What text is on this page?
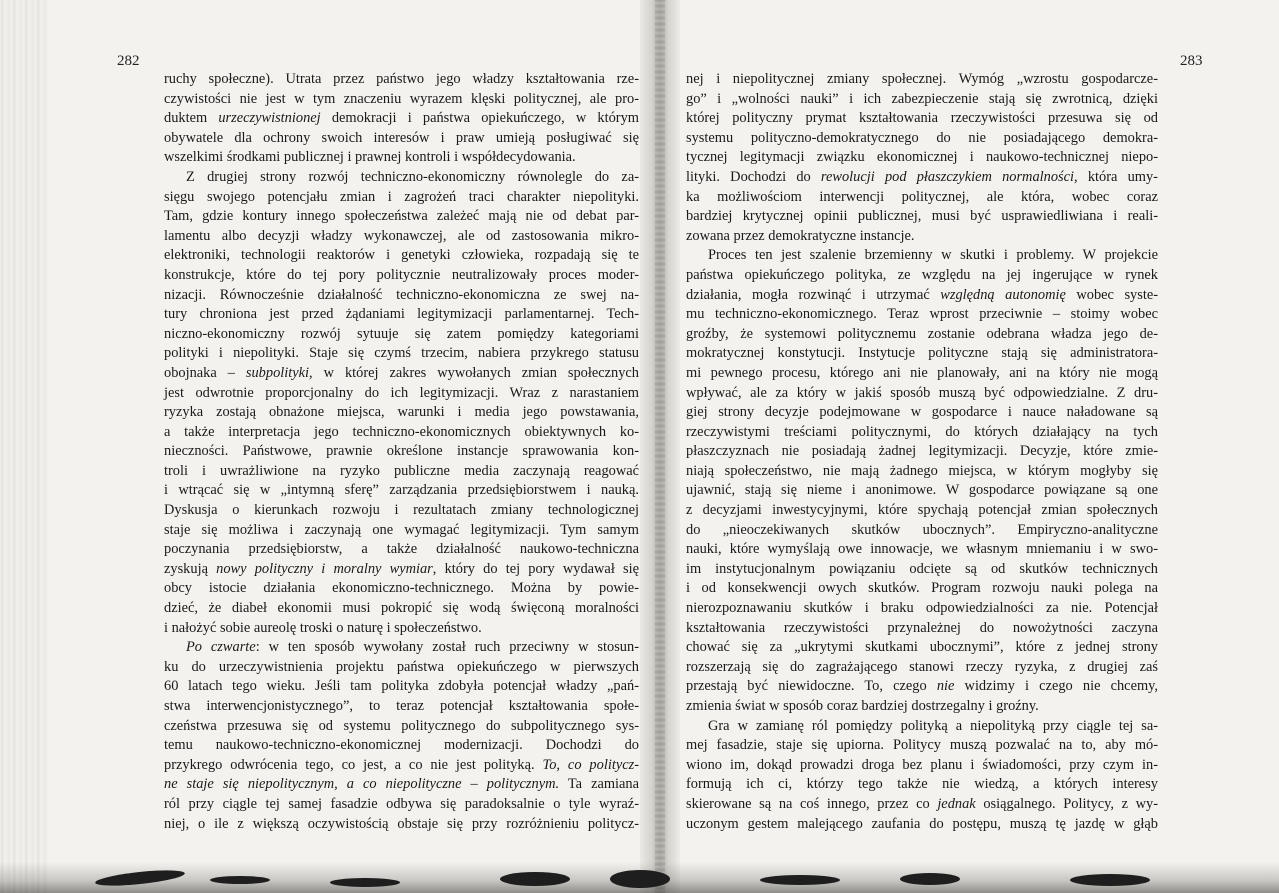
282	283
ruchy społeczne). Utrata przez państwo jego władzy kształtowania rze-
czywistości nie jest w tym znaczeniu wyrazem klęski politycznej, ale pro-
duktem urzeczywistnionej demokracji i państwa opiekuńczego, w którym
obywatele dla ochrony swoich interesów i praw umieją posługiwać się
wszelkimi środkami publicznej i prawnej kontroli i współdecydowania.
Z drugiej strony rozwój techniczno-ekonomiczny równolegle do za-
sięgu swojego potencjału zmian i zagrożeń traci charakter niepolityki.
Tam, gdzie kontury innego społeczeństwa zależeć mają nie od debat par-
lamentu albo decyzji władzy wykonawczej, ale od zastosowania mikro-
elektroniki, technologii reaktorów i genetyki człowieka, rozpadają się te
konstrukcje, które do tej pory politycznie neutralizowały proces moder-
nizacji. Równocześnie działalność techniczno-ekonomiczna ze swej na-
tury chroniona jest przed żądaniami legitymizacji parlamentarnej. Tech-
niczno-ekonomiczny rozwój sytuuje się zatem pomiędzy kategoriami
polityki i niepolityki. Staje się czymś trzecim, nabiera przykrego statusu
obojnaka – subpolityki, w której zakres wywołanych zmian społecznych
jest odwrotnie proporcjonalny do ich legitymizacji. Wraz z narastaniem
ryzyka zostają obnażone miejsca, warunki i media jego powstawania,
a także interpretacja jego techniczno-ekonomicznych obiektywnych ko-
nieczności. Państwowe, prawnie określone instancje sprawowania kon-
troli i uwrażliwione na ryzyko publiczne media zaczynają reagować
i wtrącać się w „intymną sferę” zarządzania przedsiębiorstwem i nauką.
Dyskusja o kierunkach rozwoju i rezultatach zmiany technologicznej
staje się możliwa i zaczynają one wymagać legitymizacji. Tym samym
poczynania przedsiębiorstw, a także działalność naukowo-techniczna
zyskują nowy polityczny i moralny wymiar, który do tej pory wydawał się
obcy istocie działania ekonomiczno-technicznego. Można by powie-
dzieć, że diabeł ekonomii musi pokropić się wodą święconą moralności
i nałożyć sobie aureolę troski o naturę i społeczeństwo.
Po czwarte: w ten sposób wywołany został ruch przeciwny w stosun-
ku do urzeczywistnienia projektu państwa opiekuńczego w pierwszych
60 latach tego wieku. Jeśli tam polityka zdobyła potencjał władzy „pań-
stwa interwencjonistycznego”, to teraz potencjał kształtowania społe-
czeństwa przesuwa się od systemu politycznego do subpolitycznego sys-
temu naukowo-techniczno-ekonomicznej modernizacji. Dochodzi do
przykrego odwrócenia tego, co jest, a co nie jest polityką. To, co politycz-
ne staje się niepolitycznym, a co niepolityczne – politycznym. Ta zamiana
ról przy ciągle tej samej fasadzie odbywa się paradoksalnie o tyle wyraź-
niej, o ile z większą oczywistością obstaje się przy rozróżnieniu politycz-
nej i niepolitycznej zmiany społecznej. Wymóg „wzrostu gospodarcze-
go” i „wolności nauki” i ich zabezpieczenie stają się zwrotnicą, dzięki
której polityczny prymat kształtowania rzeczywistości przesuwa się od
systemu polityczno-demokratycznego do nie posiadającego demokra-
tycznej legitymacji związku ekonomicznej i naukowo-technicznej niepo-
lityki. Dochodzi do rewolucji pod płaszczykiem normalności, która umy-
ka możliwościom interwencji politycznej, ale która, wobec coraz
bardziej krytycznej opinii publicznej, musi być usprawiedliwiana i reali-
zowana przez demokratyczne instancje.
Proces ten jest szalenie brzemienny w skutki i problemy. W projekcie
państwa opiekuńczego polityka, ze względu na jej ingerujące w rynek
działania, mogła rozwinąć i utrzymać względną autonomię wobec syste-
mu techniczno-ekonomicznego. Teraz wprost przeciwnie – stoimy wobec
groźby, że systemowi politycznemu zostanie odebrana władza jego de-
mokratycznej konstytucji. Instytucje polityczne stają się administratora-
mi pewnego procesu, którego ani nie planowały, ani na który nie mogą
wpływać, ale za który w jakiś sposób muszą być odpowiedzialne. Z dru-
giej strony decyzje podejmowane w gospodarce i nauce naładowane są
rzeczywistymi treściami politycznymi, do których działający na tych
płaszczyznach nie posiadają żadnej legitymizacji. Decyzje, które zmie-
niają społeczeństwo, nie mają żadnego miejsca, w którym mogłyby się
ujawnić, stają się nieme i anonimowe. W gospodarce powiązane są one
z decyzjami inwestycyjnymi, które spychają potencjał zmian społecznych
do „nieoczekiwanych skutków ubocznych”. Empiryczno-analityczne
nauki, które wymyślają owe innowacje, we własnym mniemaniu i w swo-
im instytucjonalnym powiązaniu odcięte są od skutków technicznych
i od konsekwencji owych skutków. Program rozwoju nauki polega na
nierozpoznawaniu skutków i braku odpowiedzialności za nie. Potencjał
kształtowania rzeczywistości przynależnej do nowożytności zaczyna
chować się za „ukrytymi skutkami ubocznymi”, które z jednej strony
rozszerzają się do zagrażającego stanowi rzeczy ryzyka, z drugiej zaś
przestają być niewidoczne. To, czego nie widzimy i czego nie chcemy,
zmienia świat w sposób coraz bardziej dostrzegalny i groźny.
Gra w zamianę ról pomiędzy polityką a niepolityką przy ciągle tej sa-
mej fasadzie, staje się upiorna. Politycy muszą pozwalać na to, aby mó-
wiono im, dokąd prowadzi droga bez planu i świadomości, przy czym in-
formują ich ci, którzy tego także nie wiedzą, a których interesy
skierowane są na coś innego, przez co jednak osiągalnego. Politycy, z wy-
uczonym gestem malejącego zaufania do postępu, muszą tę jazdę w głąb
